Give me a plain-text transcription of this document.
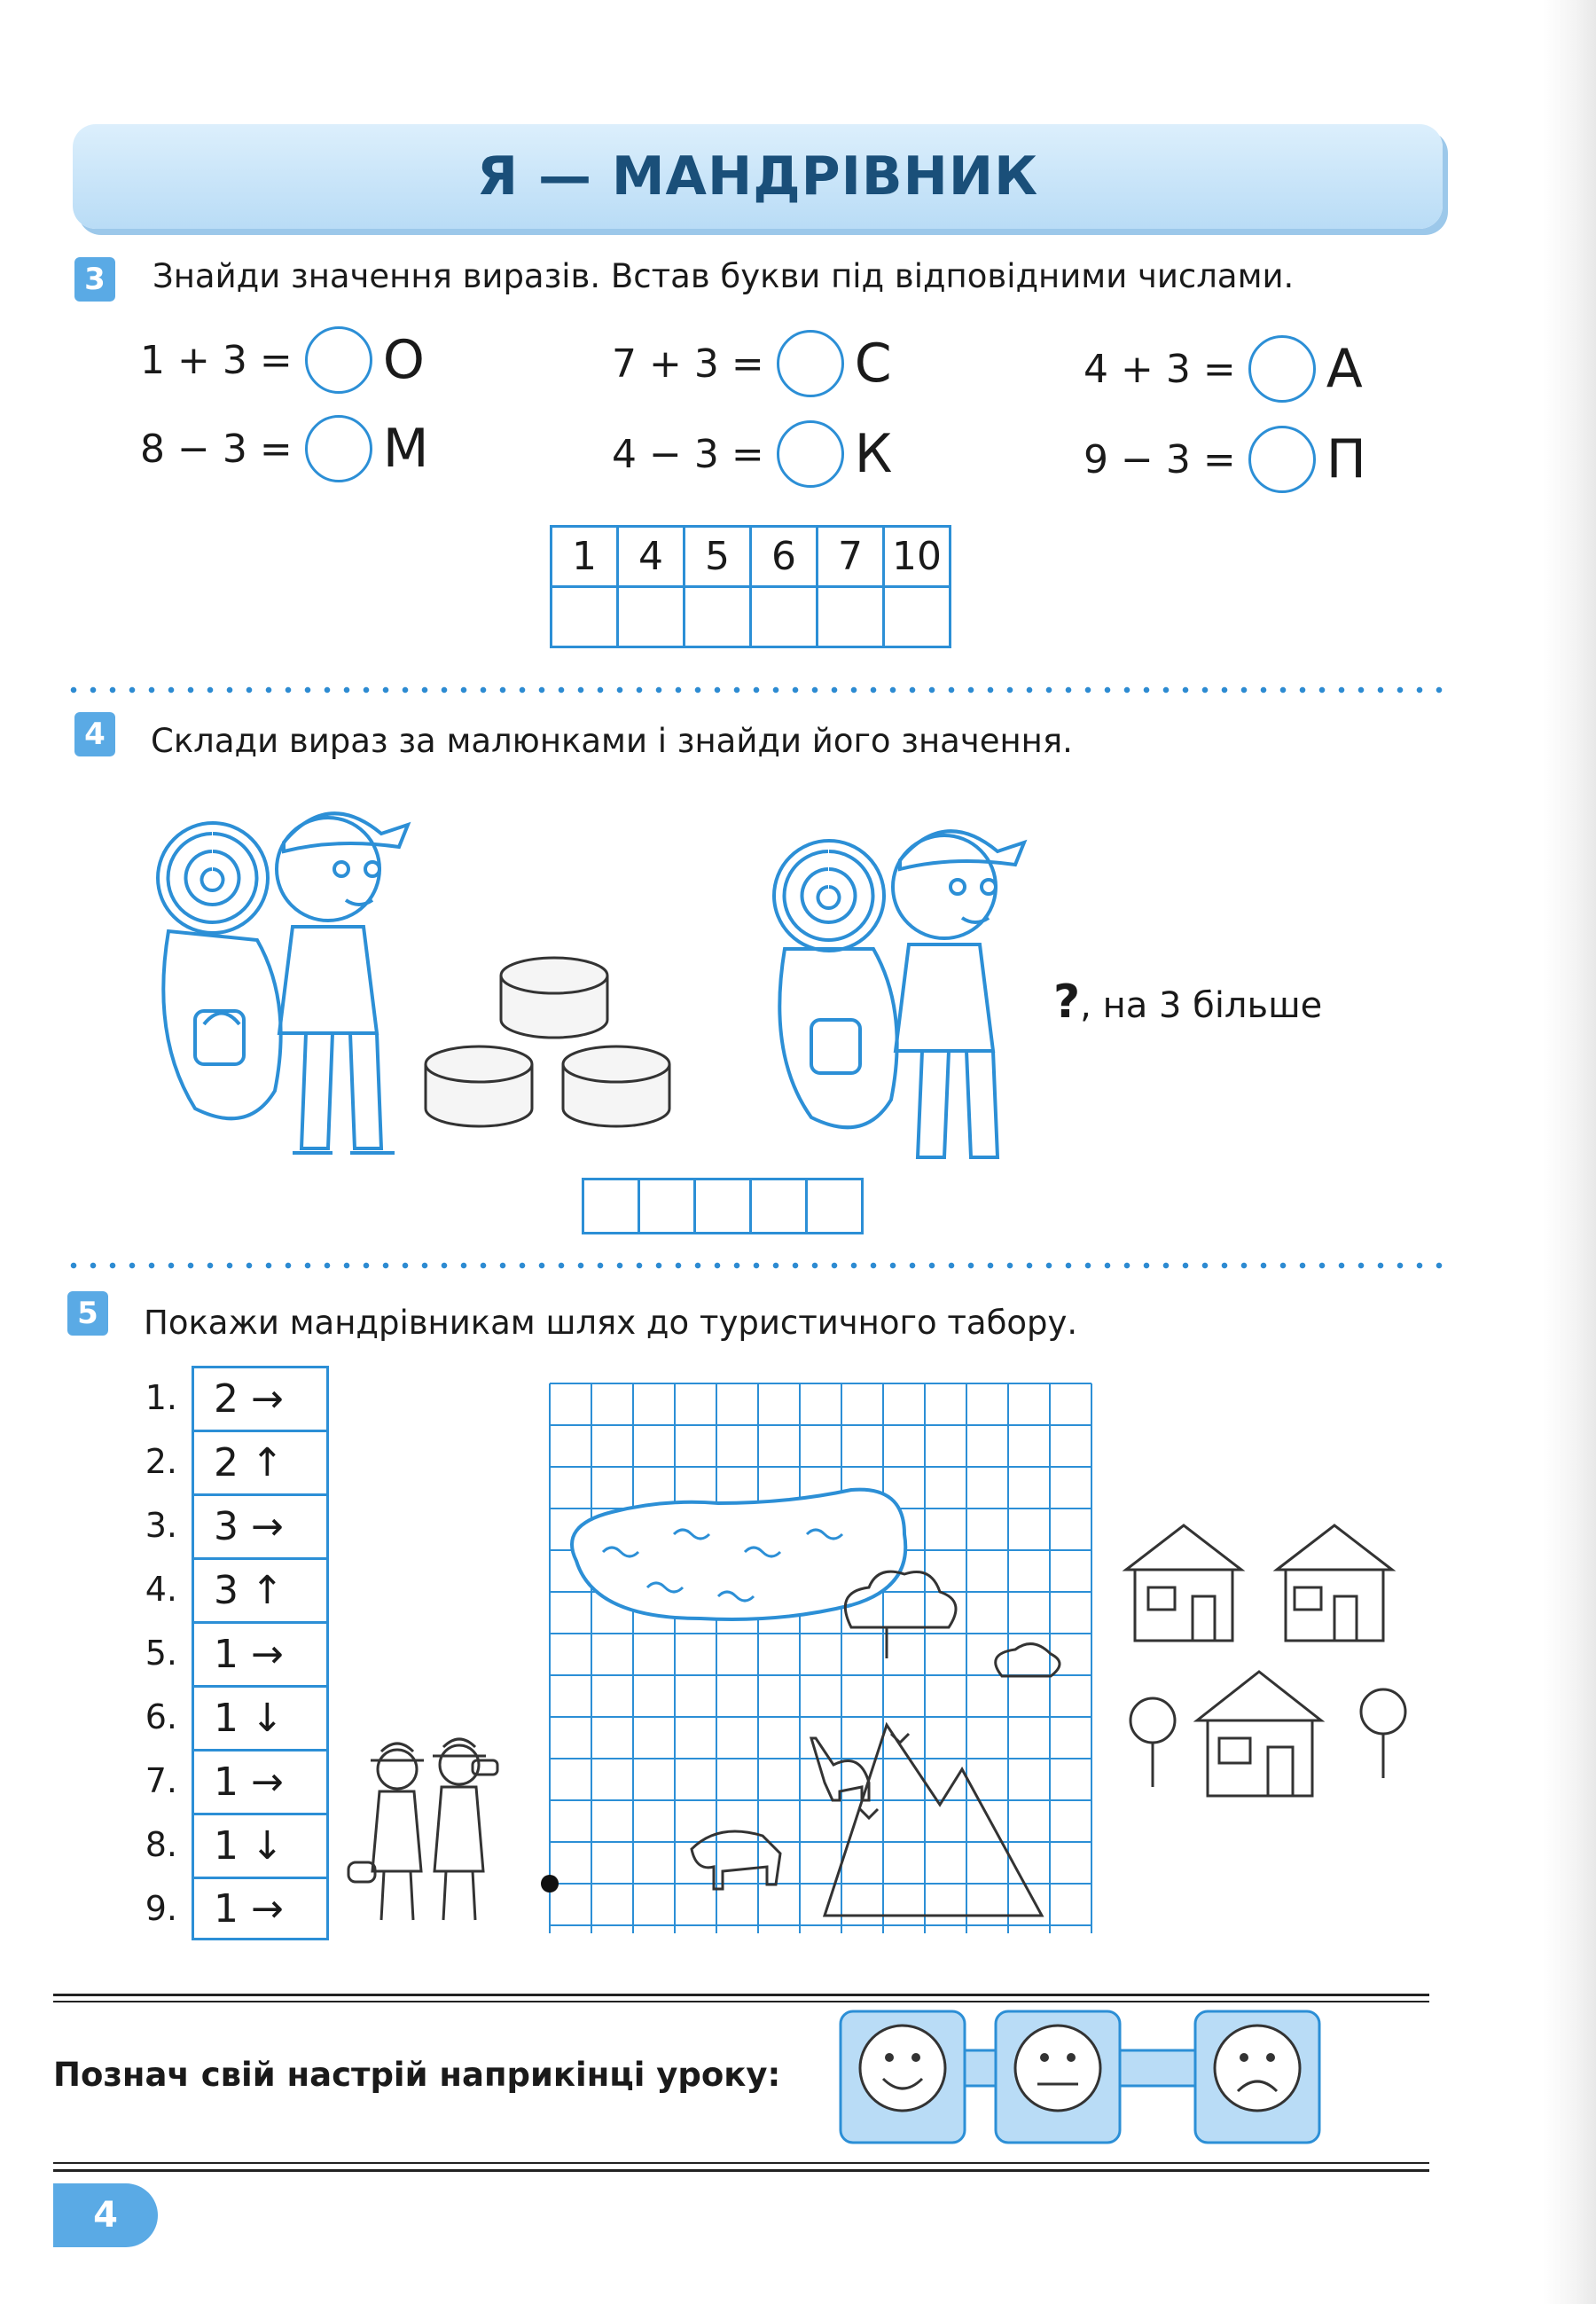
Я — МАНДРІВНИК
3	Знайди значення виразів. Встав букви під відповідними числами.
1 + 3 = О
8 − 3 = М
7 + 3 = С
4 − 3 = К
4 + 3 = А
9 − 3 = П
1	4	5	6	7	10

4	Склади вираз за малюнками і знайди його значення.
?, на 3 більше

5	Покажи мандрівникам шлях до туристичного табору.
1. 2 →
2. 2 ↑
3. 3 →
4. 3 ↑
5. 1 →
6. 1 ↓
7. 1 →
8. 1 ↓
9. 1 →
Познач свій настрій наприкінці уроку:
4
